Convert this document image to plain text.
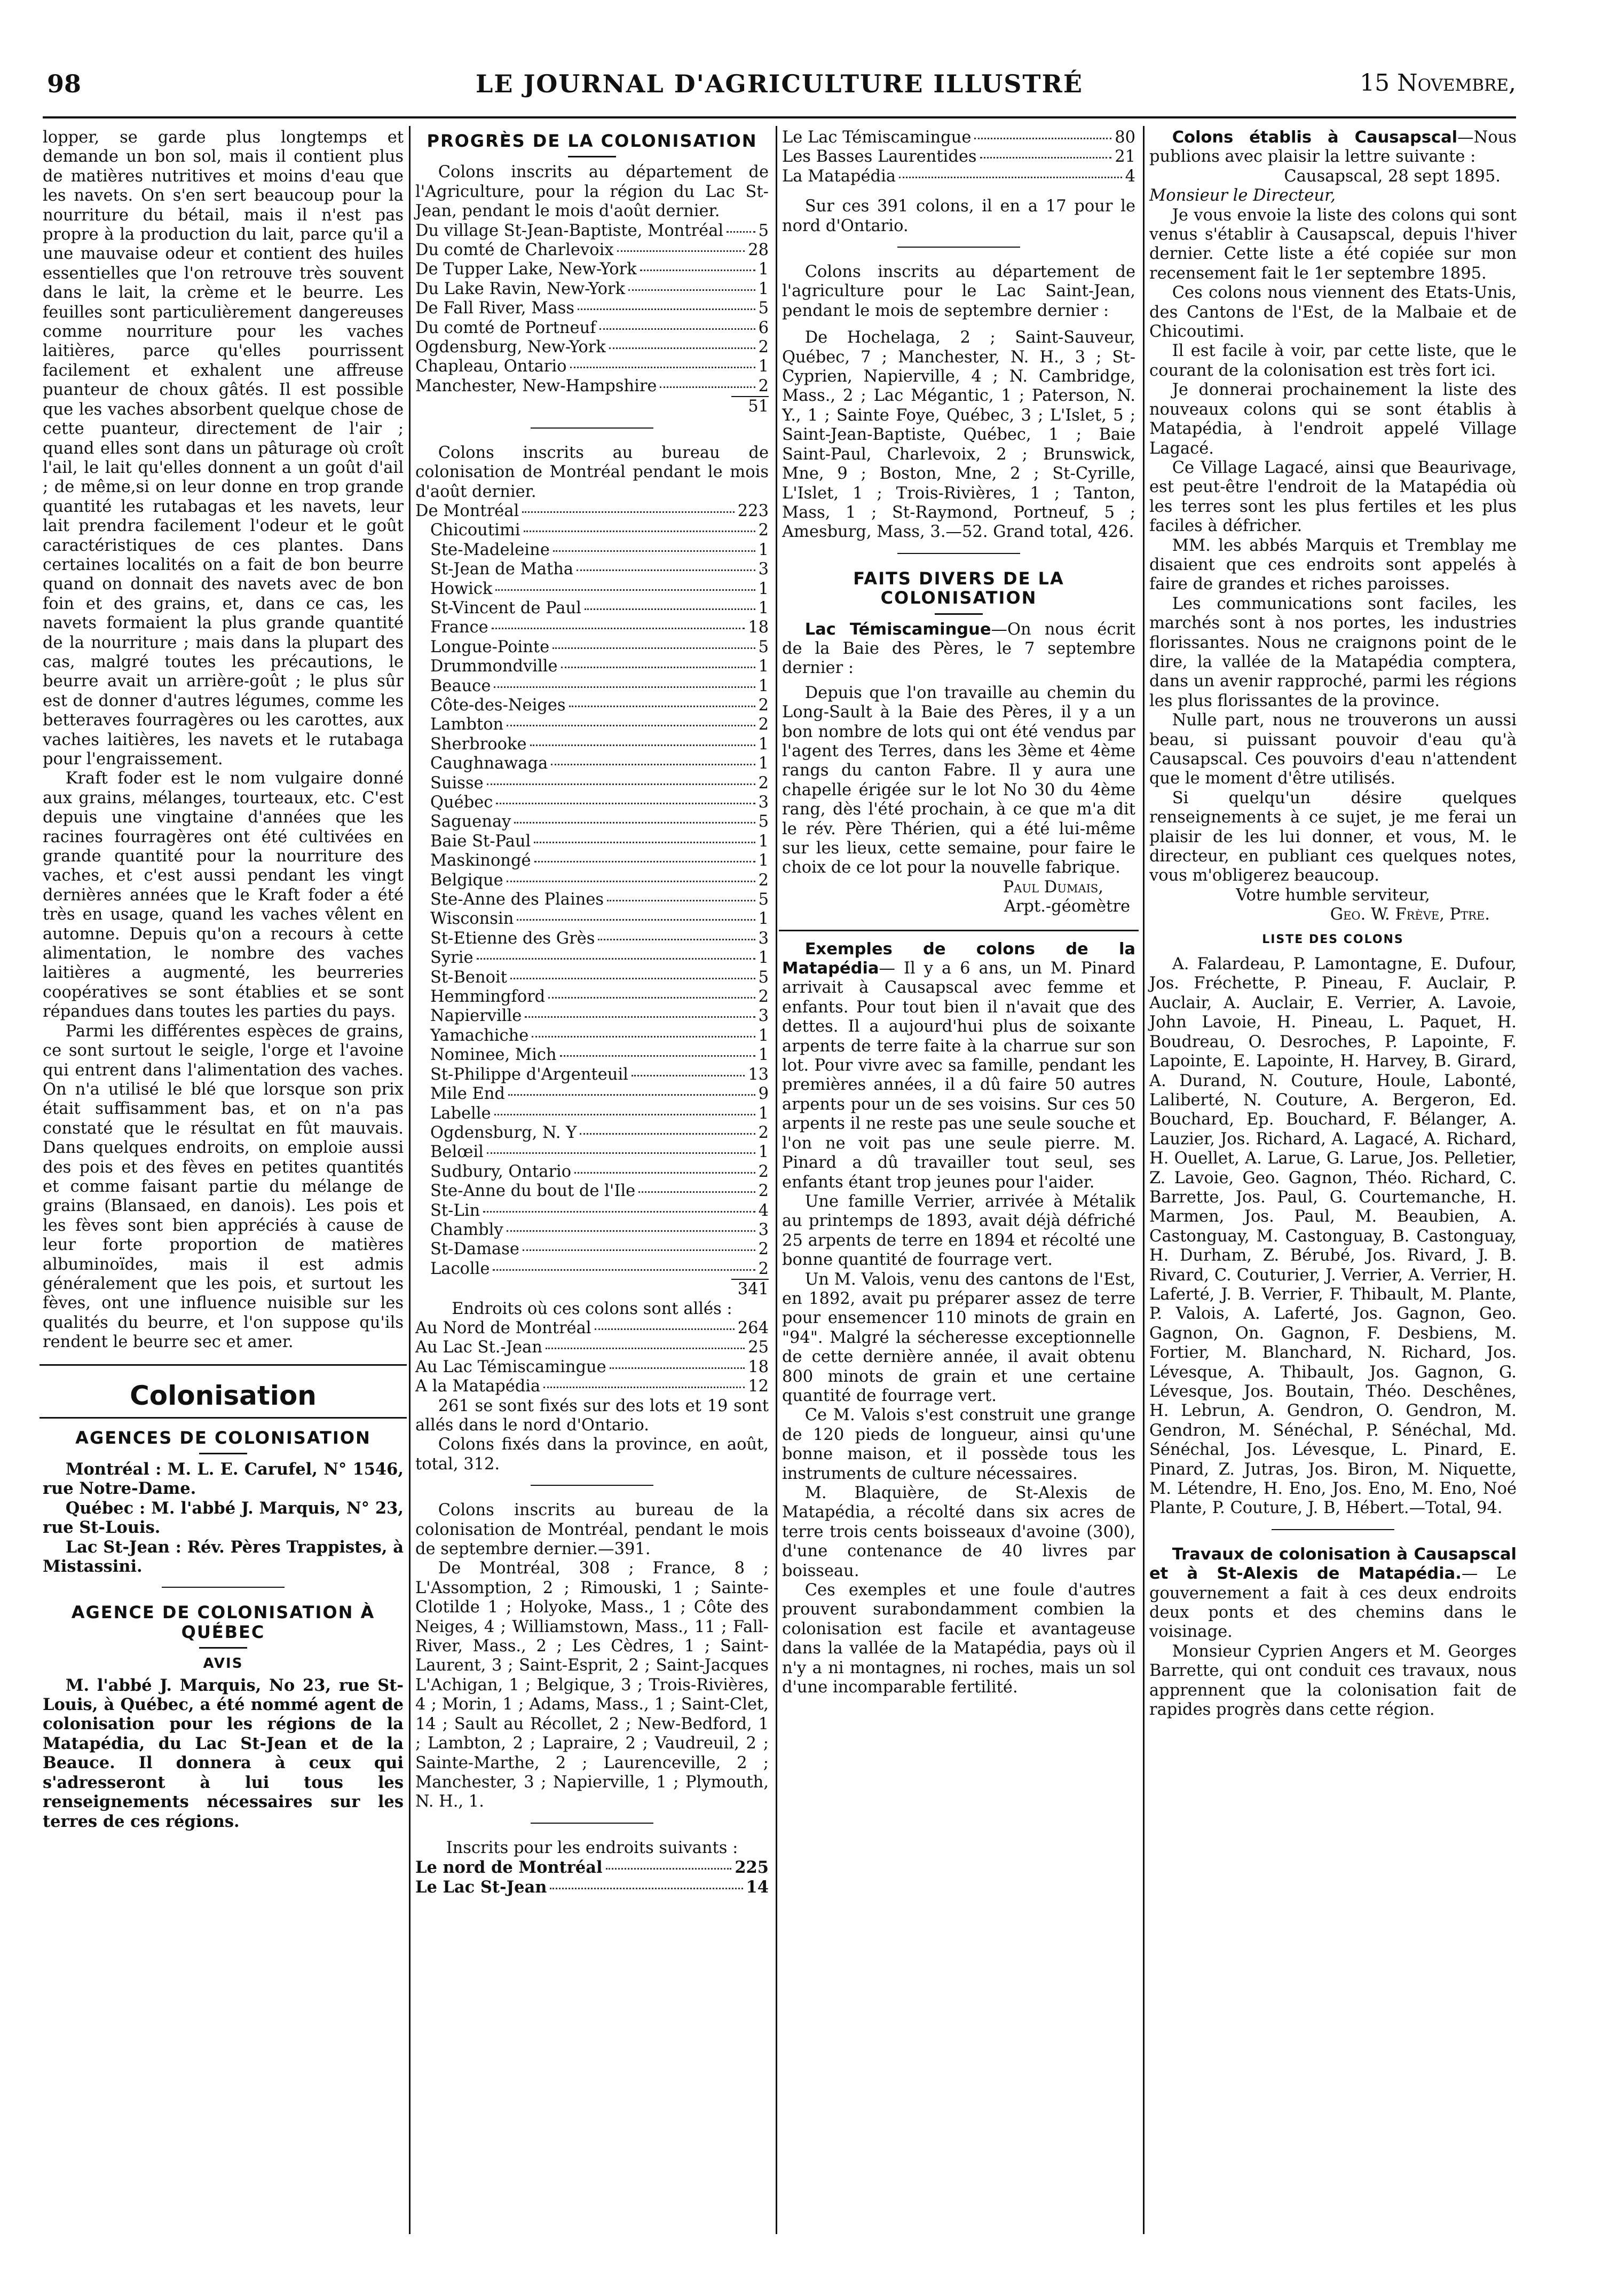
98	LE JOURNAL D'AGRICULTURE ILLUSTRÉ	15 Novembre,

lopper, se garde plus longtemps et demande un bon sol, mais il contient plus de matières nutritives et moins d'eau que les navets. On s'en sert beaucoup pour la nourriture du bétail, mais il n'est pas propre à la production du lait, parce qu'il a une mauvaise odeur et contient des huiles essentielles que l'on retrouve très souvent dans le lait, la crème et le beurre. Les feuilles sont particulièrement dangereuses comme nourriture pour les vaches laitières, parce qu'elles pourrissent facilement et exhalent une affreuse puanteur de choux gâtés. Il est possible que les vaches absorbent quelque chose de cette puanteur, directement de l'air ; quand elles sont dans un pâturage où croît l'ail, le lait qu'elles donnent a un goût d'ail ; de même,si on leur donne en trop grande quantité les rutabagas et les navets, leur lait prendra facilement l'odeur et le goût caractéristiques de ces plantes. Dans certaines localités on a fait de bon beurre quand on donnait des navets avec de bon foin et des grains, et, dans ce cas, les navets formaient la plus grande quantité de la nourriture ; mais dans la plupart des cas, malgré toutes les précautions, le beurre avait un arrière-goût ; le plus sûr est de donner d'autres légumes, comme les betteraves fourragères ou les carottes, aux vaches laitières, les navets et le rutabaga pour l'engraissement.

Kraft foder est le nom vulgaire donné aux grains, mélanges, tourteaux, etc. C'est depuis une vingtaine d'années que les racines fourragères ont été cultivées en grande quantité pour la nourriture des vaches, et c'est aussi pendant les vingt dernières années que le Kraft foder a été très en usage, quand les vaches vêlent en automne. Depuis qu'on a recours à cette alimentation, le nombre des vaches laitières a augmenté, les beurreries coopératives se sont établies et se sont répandues dans toutes les parties du pays.

Parmi les différentes espèces de grains, ce sont surtout le seigle, l'orge et l'avoine qui entrent dans l'alimentation des vaches. On n'a utilisé le blé que lorsque son prix était suffisamment bas, et on n'a pas constaté que le résultat en fût mauvais. Dans quelques endroits, on emploie aussi des pois et des fèves en petites quantités et comme faisant partie du mélange de grains (Blansaed, en danois). Les pois et les fèves sont bien appréciés à cause de leur forte proportion de matières albuminoïdes, mais il est admis généralement que les pois, et surtout les fèves, ont une influence nuisible sur les qualités du beurre, et l'on suppose qu'ils rendent le beurre sec et amer.

Colonisation
AGENCES DE COLONISATION

Montréal : M. L. E. Carufel, N° 1546, rue Notre-Dame.

Québec : M. l'abbé J. Marquis, N° 23, rue St-Louis.

Lac St-Jean : Rév. Pères Trappistes, à Mistassini.

AGENCE DE COLONISATION À QUÉBEC
AVIS

M. l'abbé J. Marquis, No 23, rue St-Louis, à Québec, a été nommé agent de colonisation pour les régions de la Matapédia, du Lac St-Jean et de la Beauce. Il donnera à ceux qui s'adresseront à lui tous les renseignements nécessaires sur les terres de ces régions.

PROGRÈS DE LA COLONISATION

Colons inscrits au département de l'Agriculture, pour la région du Lac St-Jean, pendant le mois d'août dernier.

Du village St-Jean-Baptiste, Montréal 5
Du comté de Charlevoix	28
De Tupper Lake, New-York	1
Du Lake Ravin, New-York	1
De Fall River, Mass	5
Du comté de Portneuf	6
Ogdensburg, New-York	2
Chapleau, Ontario	1
Manchester, New-Hampshire	2
51

Colons inscrits au bureau de colonisation de Montréal pendant le mois d'août dernier.

De Montréal	223
Chicoutimi	2
Ste-Madeleine	1
St-Jean de Matha	3
Howick	1
St-Vincent de Paul	1
France	18
Longue-Pointe	5
Drummondville	1
Beauce	1
Côte-des-Neiges	2
Lambton	2
Sherbrooke	1
Caughnawaga	1
Suisse	2
Québec	3
Saguenay	5
Baie St-Paul	1
Maskinongé	1
Belgique	2
Ste-Anne des Plaines	5
Wisconsin	1
St-Etienne des Grès	3
Syrie	1
St-Benoit	5
Hemmingford	2
Napierville	3
Yamachiche	1
Nominee, Mich	1
St-Philippe d'Argenteuil	13
Mile End	9
Labelle	1
Ogdensburg, N. Y	2
Belœil	1
Sudbury, Ontario	2
Ste-Anne du bout de l'Ile	2
St-Lin	4
Chambly	3
St-Damase	2
Lacolle	2
341

Endroits où ces colons sont allés :

Au Nord de Montréal	264
Au Lac St.-Jean	25
Au Lac Témiscamingue	18
A la Matapédia	12

261 se sont fixés sur des lots et 19 sont allés dans le nord d'Ontario.

Colons fixés dans la province, en août, total, 312.

Colons inscrits au bureau de la colonisation de Montréal, pendant le mois de septembre dernier.—391.

De Montréal, 308 ; France, 8 ; L'Assomption, 2 ; Rimouski, 1 ; Sainte-Clotilde 1 ; Holyoke, Mass., 1 ; Côte des Neiges, 4 ; Williamstown, Mass., 11 ; Fall-River, Mass., 2 ; Les Cèdres, 1 ; Saint-Laurent, 3 ; Saint-Esprit, 2 ; Saint-Jacques L'Achigan, 1 ; Belgique, 3 ; Trois-Rivières, 4 ; Morin, 1 ; Adams, Mass., 1 ; Saint-Clet, 14 ; Sault au Récollet, 2 ; New-Bedford, 1 ; Lambton, 2 ; Lapraire, 2 ; Vaudreuil, 2 ; Sainte-Marthe, 2 ; Laurenceville, 2 ; Manchester, 3 ; Napierville, 1 ; Plymouth, N. H., 1.

Inscrits pour les endroits suivants :

Le nord de Montréal	225
Le Lac St-Jean	14
Le Lac Témiscamingue	80
Les Basses Laurentides	21
La Matapédia	4

Sur ces 391 colons, il en a 17 pour le nord d'Ontario.

Colons inscrits au département de l'agriculture pour le Lac Saint-Jean, pendant le mois de septembre dernier :

De Hochelaga, 2 ; Saint-Sauveur, Québec, 7 ; Manchester, N. H., 3 ; St-Cyprien, Napierville, 4 ; N. Cambridge, Mass., 2 ; Lac Mégantic, 1 ; Paterson, N. Y., 1 ; Sainte Foye, Québec, 3 ; L'Islet, 5 ; Saint-Jean-Baptiste, Québec, 1 ; Baie Saint-Paul, Charlevoix, 2 ; Brunswick, Mne, 9 ; Boston, Mne, 2 ; St-Cyrille, L'Islet, 1 ; Trois-Rivières, 1 ; Tanton, Mass, 1 ; St-Raymond, Portneuf, 5 ; Amesburg, Mass, 3.—52. Grand total, 426.

FAITS DIVERS DE LA COLONISATION

Lac Témiscamingue—On nous écrit de la Baie des Pères, le 7 septembre dernier :

Depuis que l'on travaille au chemin du Long-Sault à la Baie des Pères, il y a un bon nombre de lots qui ont été vendus par l'agent des Terres, dans les 3ème et 4ème rangs du canton Fabre. Il y aura une chapelle érigée sur le lot No 30 du 4ème rang, dès l'été prochain, à ce que m'a dit le rév. Père Thérien, qui a été lui-même sur les lieux, cette semaine, pour faire le choix de ce lot pour la nouvelle fabrique.

Paul Dumais,

Arpt.-géomètre

Exemples de colons de la Matapédia— Il y a 6 ans, un M. Pinard arrivait à Causapscal avec femme et enfants. Pour tout bien il n'avait que des dettes. Il a aujourd'hui plus de soixante arpents de terre faite à la charrue sur son lot. Pour vivre avec sa famille, pendant les premières années, il a dû faire 50 autres arpents pour un de ses voisins. Sur ces 50 arpents il ne reste pas une seule souche et l'on ne voit pas une seule pierre. M. Pinard a dû travailler tout seul, ses enfants étant trop jeunes pour l'aider.

Une famille Verrier, arrivée à Métalik au printemps de 1893, avait déjà défriché 25 arpents de terre en 1894 et récolté une bonne quantité de fourrage vert.

Un M. Valois, venu des cantons de l'Est, en 1892, avait pu préparer assez de terre pour ensemencer 110 minots de grain en "94". Malgré la sécheresse exceptionnelle de cette dernière année, il avait obtenu 800 minots de grain et une certaine quantité de fourrage vert.

Ce M. Valois s'est construit une grange de 120 pieds de longueur, ainsi qu'une bonne maison, et il possède tous les instruments de culture nécessaires.

M. Blaquière, de St-Alexis de Matapédia, a récolté dans six acres de terre trois cents boisseaux d'avoine (300), d'une contenance de 40 livres par boisseau.

Ces exemples et une foule d'autres prouvent surabondamment combien la colonisation est facile et avantageuse dans la vallée de la Matapédia, pays où il n'y a ni montagnes, ni roches, mais un sol d'une incomparable fertilité.

Colons établis à Causapscal—Nous publions avec plaisir la lettre suivante :

Causapscal, 28 sept 1895.

Monsieur le Directeur,

Je vous envoie la liste des colons qui sont venus s'établir à Causapscal, depuis l'hiver dernier. Cette liste a été copiée sur mon recensement fait le 1er septembre 1895.

Ces colons nous viennent des Etats-Unis, des Cantons de l'Est, de la Malbaie et de Chicoutimi.

Il est facile à voir, par cette liste, que le courant de la colonisation est très fort ici.

Je donnerai prochainement la liste des nouveaux colons qui se sont établis à Matapédia, à l'endroit appelé Village Lagacé.

Ce Village Lagacé, ainsi que Beaurivage, est peut-être l'endroit de la Matapédia où les terres sont les plus fertiles et les plus faciles à défricher.

MM. les abbés Marquis et Tremblay me disaient que ces endroits sont appelés à faire de grandes et riches paroisses.

Les communications sont faciles, les marchés sont à nos portes, les industries florissantes. Nous ne craignons point de le dire, la vallée de la Matapédia comptera, dans un avenir rapproché, parmi les régions les plus florissantes de la province.

Nulle part, nous ne trouverons un aussi beau, si puissant pouvoir d'eau qu'à Causapscal. Ces pouvoirs d'eau n'attendent que le moment d'être utilisés.

Si quelqu'un désire quelques renseignements à ce sujet, je me ferai un plaisir de les lui donner, et vous, M. le directeur, en publiant ces quelques notes, vous m'obligerez beaucoup.

Votre humble serviteur,

Geo. W. Frève, Ptre.

LISTE DES COLONS

A. Falardeau, P. Lamontagne, E. Dufour, Jos. Fréchette, P. Pineau, F. Auclair, P. Auclair, A. Auclair, E. Verrier, A. Lavoie, John Lavoie, H. Pineau, L. Paquet, H. Boudreau, O. Desroches, P. Lapointe, F. Lapointe, E. Lapointe, H. Harvey, B. Girard, A. Durand, N. Couture, Houle, Labonté, Laliberté, N. Couture, A. Bergeron, Ed. Bouchard, Ep. Bouchard, F. Bélanger, A. Lauzier, Jos. Richard, A. Lagacé, A. Richard, H. Ouellet, A. Larue, G. Larue, Jos. Pelletier, Z. Lavoie, Geo. Gagnon, Théo. Richard, C. Barrette, Jos. Paul, G. Courtemanche, H. Marmen, Jos. Paul, M. Beaubien, A. Castonguay, M. Castonguay, B. Castonguay, H. Durham, Z. Bérubé, Jos. Rivard, J. B. Rivard, C. Couturier, J. Verrier, A. Verrier, H. Laferté, J. B. Verrier, F. Thibault, M. Plante, P. Valois, A. Laferté, Jos. Gagnon, Geo. Gagnon, On. Gagnon, F. Desbiens, M. Fortier, M. Blanchard, N. Richard, Jos. Lévesque, A. Thibault, Jos. Gagnon, G. Lévesque, Jos. Boutain, Théo. Deschênes, H. Lebrun, A. Gendron, O. Gendron, M. Gendron, M. Sénéchal, P. Sénéchal, Md. Sénéchal, Jos. Lévesque, L. Pinard, E. Pinard, Z. Jutras, Jos. Biron, M. Niquette, M. Létendre, H. Eno, Jos. Eno, M. Eno, Noé Plante, P. Couture, J. B, Hébert.—Total, 94.

Travaux de colonisation à Causapscal et à St-Alexis de Matapédia.— Le gouvernement a fait à ces deux endroits deux ponts et des chemins dans le voisinage.

Monsieur Cyprien Angers et M. Georges Barrette, qui ont conduit ces travaux, nous apprennent que la colonisation fait de rapides progrès dans cette région.
